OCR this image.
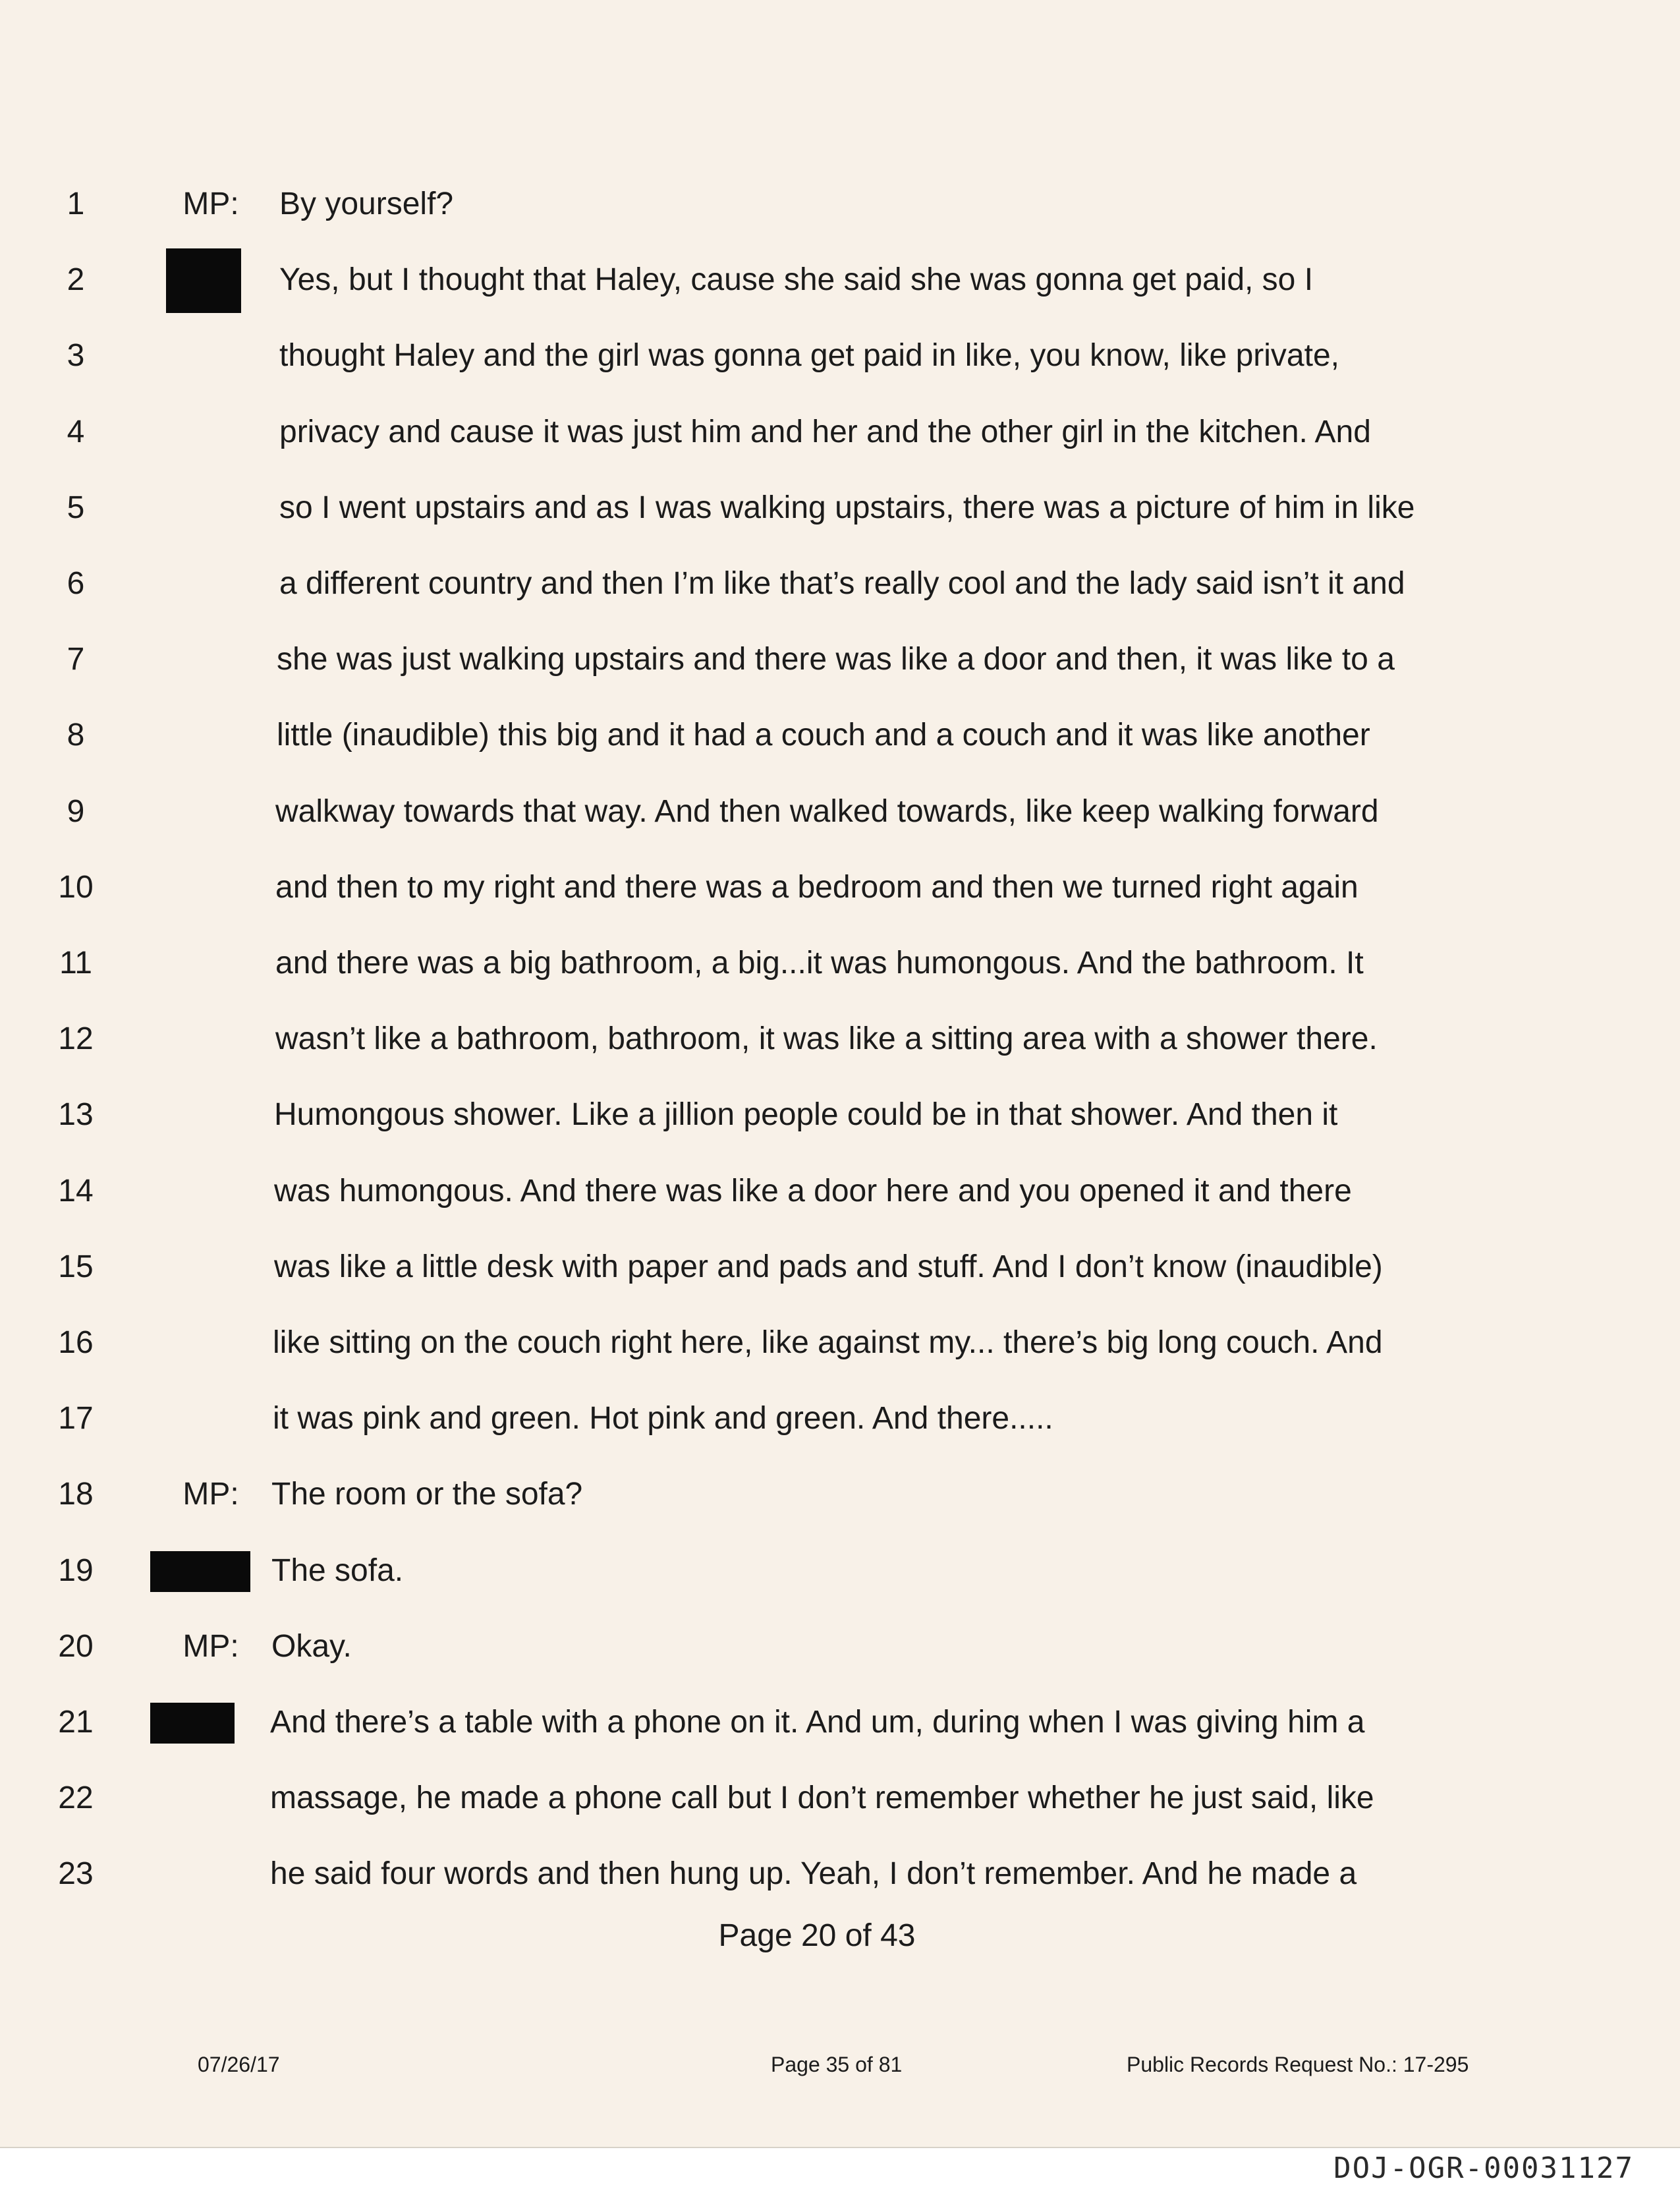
1	MP:	By yourself?
2	Yes, but I thought that Haley, cause she said she was gonna get paid, so I
3	thought Haley and the girl was gonna get paid in like, you know, like private,
4	privacy and cause it was just him and her and the other girl in the kitchen. And
5	so I went upstairs and as I was walking upstairs, there was a picture of him in like
6	a different country and then I’m like that’s really cool and the lady said isn’t it and
7	she was just walking upstairs and there was like a door and then, it was like to a
8	little (inaudible) this big and it had a couch and a couch and it was like another
9	walkway towards that way. And then walked towards, like keep walking forward
10	and then to my right and there was a bedroom and then we turned right again
11	and there was a big bathroom, a big...it was humongous. And the bathroom. It
12	wasn’t like a bathroom, bathroom, it was like a sitting area with a shower there.
13	Humongous shower. Like a jillion people could be in that shower. And then it
14	was humongous. And there was like a door here and you opened it and there
15	was like a little desk with paper and pads and stuff. And I don’t know (inaudible)
16	like sitting on the couch right here, like against my... there’s big long couch. And
17	it was pink and green. Hot pink and green. And there.....
18	MP:	The room or the sofa?
19	The sofa.
20	MP:	Okay.
21	And there’s a table with a phone on it. And um, during when I was giving him a
22	massage, he made a phone call but I don’t remember whether he just said, like
23	he said four words and then hung up. Yeah, I don’t remember. And he made a
Page 20 of 43
07/26/17	Page 35 of 81	Public Records Request No.: 17-295
DOJ-OGR-00031127
